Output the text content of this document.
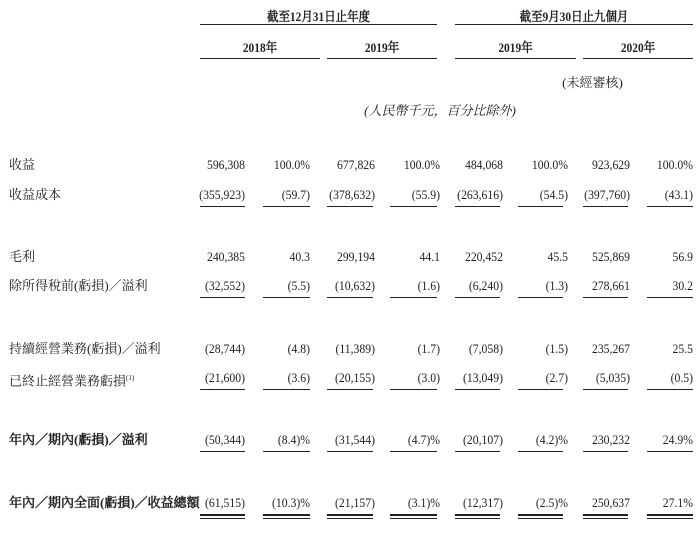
截至12月31日止年度	截至9月30日止九個月
2018年	2019年	2019年	2020年
(未經審核)
(人民幣千元，百分比除外)
收益	596,308	100.0%	677,826	100.0%	484,068	100.0%	923,629	100.0%
收益成本	(355,923)	(59.7)	(378,632)	(55.9)	(263,616)	(54.5)	(397,760)	(43.1)
毛利	240,385	40.3	299,194	44.1	220,452	45.5	525,869	56.9
除所得稅前(虧損)／溢利	(32,552)	(5.5)	(10,632)	(1.6)	(6,240)	(1.3)	278,661	30.2
持續經營業務(虧損)／溢利	(28,744)	(4.8)	(11,389)	(1.7)	(7,058)	(1.5)	235,267	25.5
已終止經營業務虧損$^{(1)}$	(21,600)	(3.6)	(20,155)	(3.0)	(13,049)	(2.7)	(5,035)	(0.5)
年內／期內(虧損)／溢利	(50,344)	(8.4)%	(31,544)	(4.7)%	(20,107)	(4.2)%	230,232	24.9%
年內／期內全面(虧損)／收益總額 (61,515)	(10.3)%	(21,157)	(3.1)%	(12,317)	(2.5)%	250,637	27.1%
